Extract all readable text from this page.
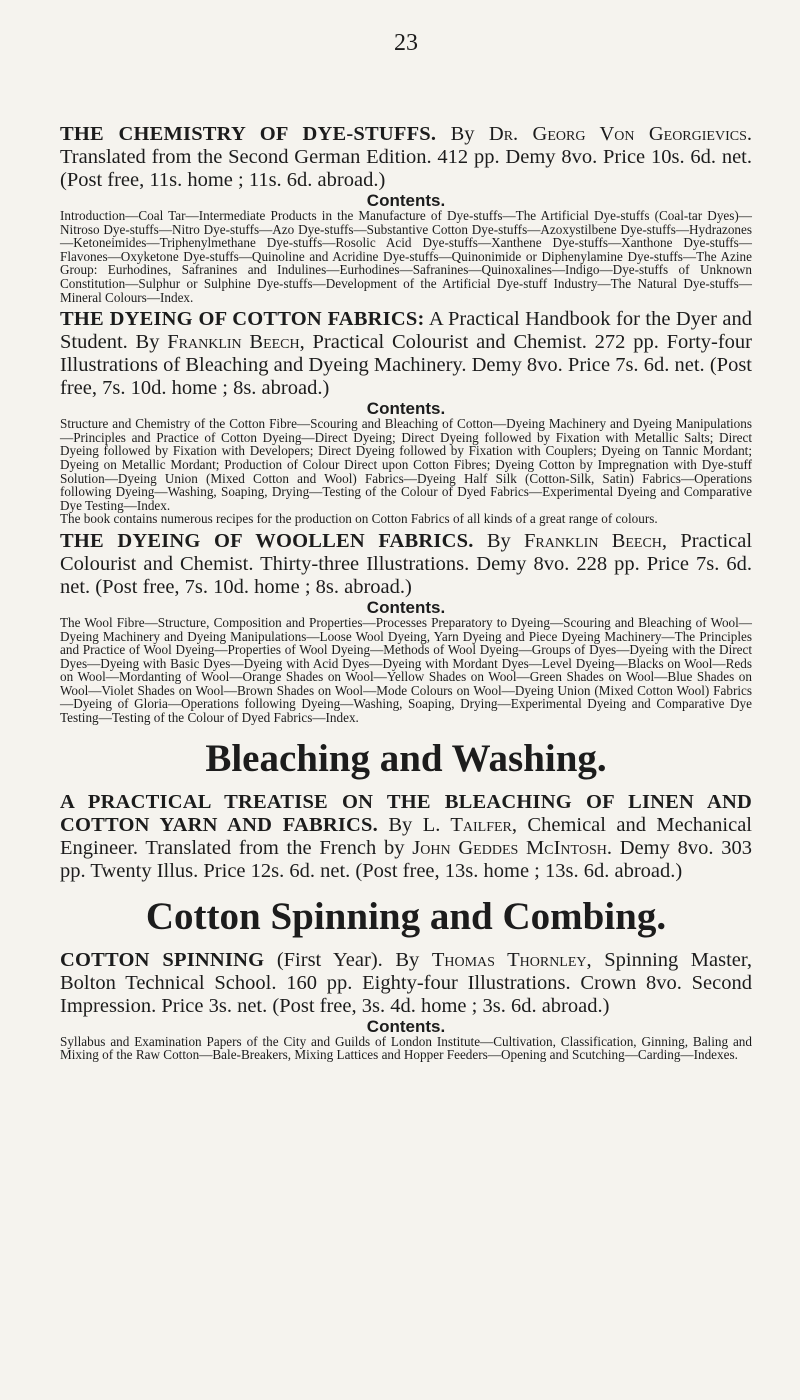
23

THE CHEMISTRY OF DYE-STUFFS. By Dr. Georg Von Georgievics. Translated from the Second German Edition. 412 pp. Demy 8vo. Price 10s. 6d. net. (Post free, 11s. home ; 11s. 6d. abroad.)

Contents.

Introduction—Coal Tar—Intermediate Products in the Manufacture of Dye-stuffs—The Artificial Dye-stuffs (Coal-tar Dyes)—Nitroso Dye-stuffs—Nitro Dye-stuffs—Azo Dye-stuffs—Substantive Cotton Dye-stuffs—Azoxystilbene Dye-stuffs—Hydrazones—Ketoneimides—Triphenylmethane Dye-stuffs—Rosolic Acid Dye-stuffs—Xanthene Dye-stuffs—Xanthone Dye-stuffs—Flavones—Oxyketone Dye-stuffs—Quinoline and Acridine Dye-stuffs—Quinonimide or Diphenylamine Dye-stuffs—The Azine Group: Eurhodines, Safranines and Indulines—Eurhodines—Safranines—Quinoxalines—Indigo—Dye-stuffs of Unknown Constitution—Sulphur or Sulphine Dye-stuffs—Development of the Artificial Dye-stuff Industry—The Natural Dye-stuffs—Mineral Colours—Index.

THE DYEING OF COTTON FABRICS: A Practical Handbook for the Dyer and Student. By Franklin Beech, Practical Colourist and Chemist. 272 pp. Forty-four Illustrations of Bleaching and Dyeing Machinery. Demy 8vo. Price 7s. 6d. net. (Post free, 7s. 10d. home ; 8s. abroad.)

Contents.

Structure and Chemistry of the Cotton Fibre—Scouring and Bleaching of Cotton—Dyeing Machinery and Dyeing Manipulations—Principles and Practice of Cotton Dyeing—Direct Dyeing; Direct Dyeing followed by Fixation with Metallic Salts; Direct Dyeing followed by Fixation with Developers; Direct Dyeing followed by Fixation with Couplers; Dyeing on Tannic Mordant; Dyeing on Metallic Mordant; Production of Colour Direct upon Cotton Fibres; Dyeing Cotton by Impregnation with Dye-stuff Solution—Dyeing Union (Mixed Cotton and Wool) Fabrics—Dyeing Half Silk (Cotton-Silk, Satin) Fabrics—Operations following Dyeing—Washing, Soaping, Drying—Testing of the Colour of Dyed Fabrics—Experimental Dyeing and Comparative Dye Testing—Index.

The book contains numerous recipes for the production on Cotton Fabrics of all kinds of a great range of colours.

THE DYEING OF WOOLLEN FABRICS. By Franklin Beech, Practical Colourist and Chemist. Thirty-three Illustrations. Demy 8vo. 228 pp. Price 7s. 6d. net. (Post free, 7s. 10d. home ; 8s. abroad.)

Contents.

The Wool Fibre—Structure, Composition and Properties—Processes Preparatory to Dyeing—Scouring and Bleaching of Wool—Dyeing Machinery and Dyeing Manipulations—Loose Wool Dyeing, Yarn Dyeing and Piece Dyeing Machinery—The Principles and Practice of Wool Dyeing—Properties of Wool Dyeing—Methods of Wool Dyeing—Groups of Dyes—Dyeing with the Direct Dyes—Dyeing with Basic Dyes—Dyeing with Acid Dyes—Dyeing with Mordant Dyes—Level Dyeing—Blacks on Wool—Reds on Wool—Mordanting of Wool—Orange Shades on Wool—Yellow Shades on Wool—Green Shades on Wool—Blue Shades on Wool—Violet Shades on Wool—Brown Shades on Wool—Mode Colours on Wool—Dyeing Union (Mixed Cotton Wool) Fabrics—Dyeing of Gloria—Operations following Dyeing—Washing, Soaping, Drying—Experimental Dyeing and Comparative Dye Testing—Testing of the Colour of Dyed Fabrics—Index.

Bleaching and Washing.

A PRACTICAL TREATISE ON THE BLEACHING OF LINEN AND COTTON YARN AND FABRICS. By L. Tailfer, Chemical and Mechanical Engineer. Translated from the French by John Geddes McIntosh. Demy 8vo. 303 pp. Twenty Illus. Price 12s. 6d. net. (Post free, 13s. home ; 13s. 6d. abroad.)

Cotton Spinning and Combing.

COTTON SPINNING (First Year). By Thomas Thornley, Spinning Master, Bolton Technical School. 160 pp. Eighty-four Illustrations. Crown 8vo. Second Impression. Price 3s. net. (Post free, 3s. 4d. home ; 3s. 6d. abroad.)

Contents.

Syllabus and Examination Papers of the City and Guilds of London Institute—Cultivation, Classification, Ginning, Baling and Mixing of the Raw Cotton—Bale-Breakers, Mixing Lattices and Hopper Feeders—Opening and Scutching—Carding—Indexes.
